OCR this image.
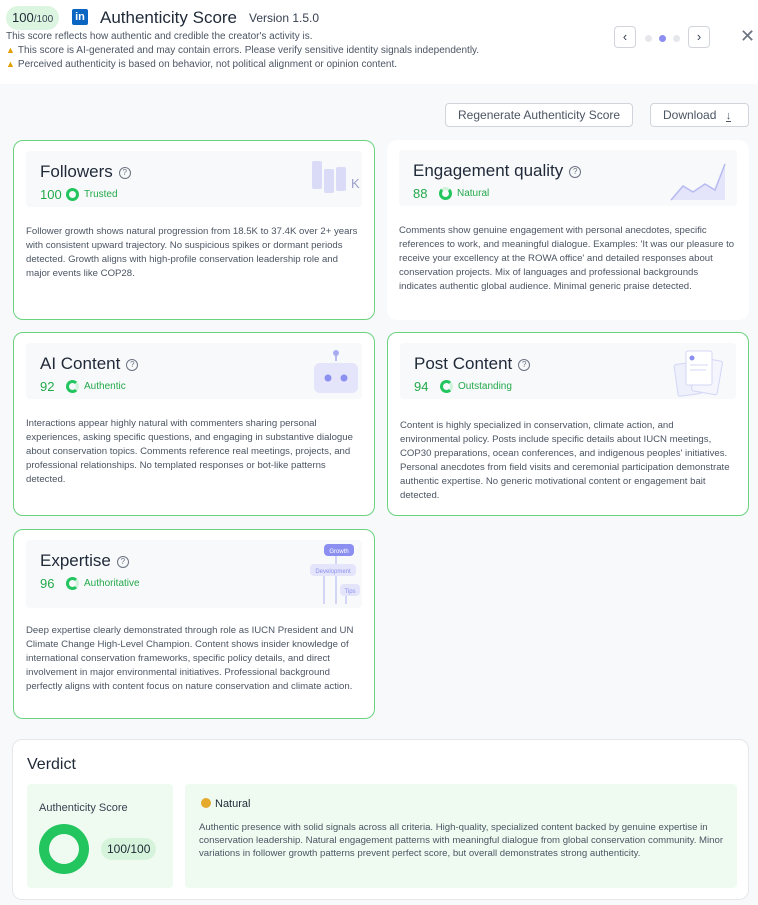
100/100	in Authenticity Score Version 1.5.0
This score reflects how authentic and credible the creator's activity is.
▲ This score is AI-generated and may contain errors. Please verify sensitive identity signals independently.
▲ Perceived authenticity is based on behavior, not political alignment or opinion content.
‹	›	✕
Regenerate Authenticity Score	Download ↓
Followers ?
100 Trusted
K
Follower growth shows natural progression from 18.5K to 37.4K over 2+ years with consistent upward trajectory. No suspicious spikes or dormant periods detected. Growth aligns with high-profile conservation leadership role and major events like COP28.
Engagement quality ?
88	Natural
Comments show genuine engagement with personal anecdotes, specific references to work, and meaningful dialogue. Examples: 'It was our pleasure to receive your excellency at the ROWA office' and detailed responses about conservation projects. Mix of languages and professional backgrounds indicates authentic global audience. Minimal generic praise detected.
AI Content ?
92	Authentic
Interactions appear highly natural with commenters sharing personal experiences, asking specific questions, and engaging in substantive dialogue about conservation topics. Comments reference real meetings, projects, and professional relationships. No templated responses or bot-like patterns detected.
Post Content ?
94	Outstanding
Content is highly specialized in conservation, climate action, and environmental policy. Posts include specific details about IUCN meetings, COP30 preparations, ocean conferences, and indigenous peoples' initiatives. Personal anecdotes from field visits and ceremonial participation demonstrate authentic expertise. No generic motivational content or engagement bait detected.
Expertise ?
96	Authoritative
Growth
Development
Tips
Deep expertise clearly demonstrated through role as IUCN President and UN Climate Change High-Level Champion. Content shows insider knowledge of international conservation frameworks, specific policy details, and direct involvement in major environmental initiatives. Professional background perfectly aligns with content focus on nature conservation and climate action.
Verdict
Authenticity Score
100/100
Natural
Authentic presence with solid signals across all criteria. High-quality, specialized content backed by genuine expertise in conservation leadership. Natural engagement patterns with meaningful dialogue from global conservation community. Minor variations in follower growth patterns prevent perfect score, but overall demonstrates strong authenticity.
